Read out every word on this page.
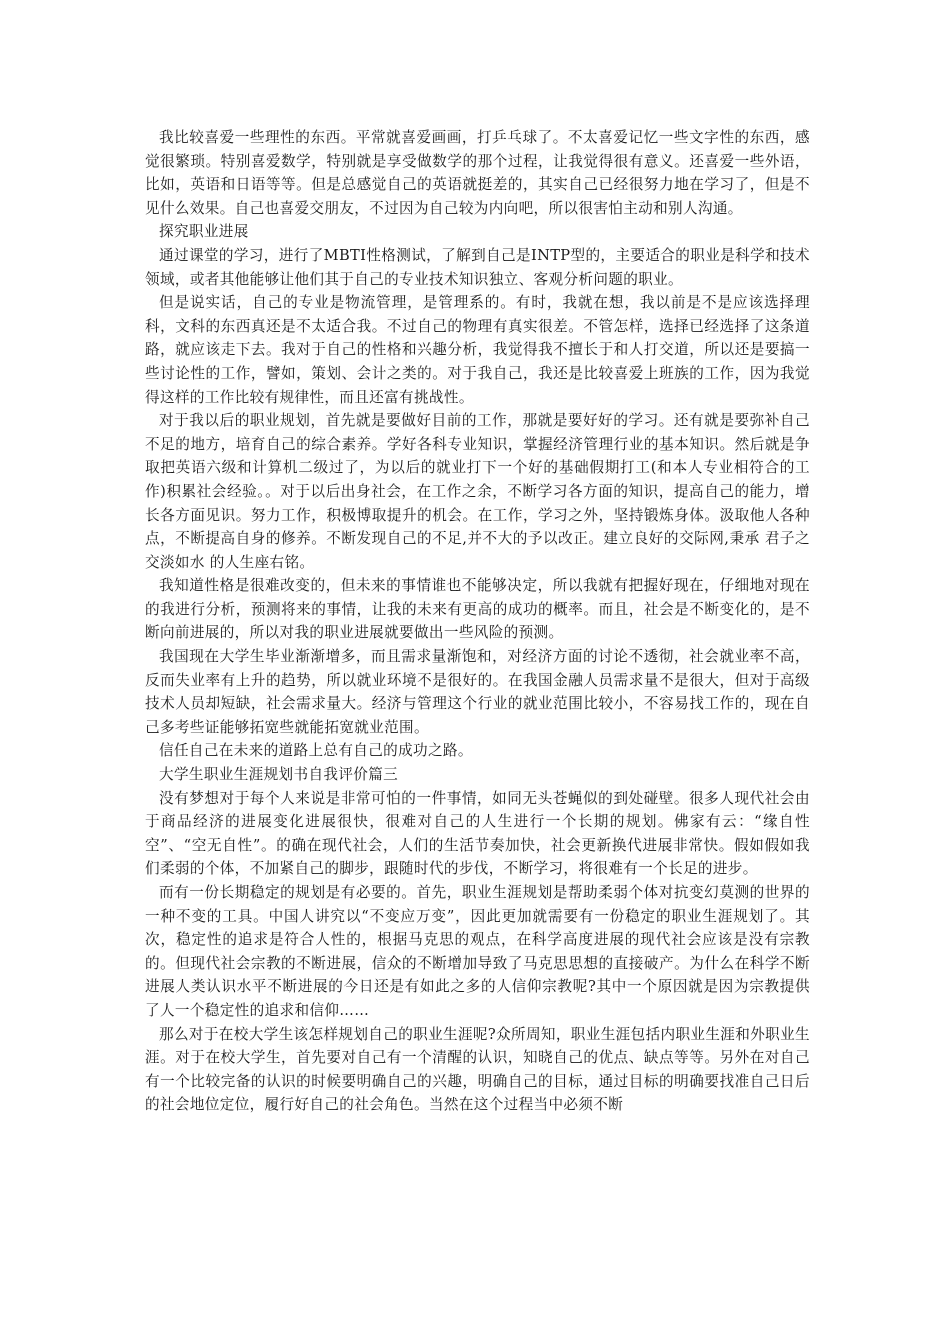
我比较喜爱一些理性的东西。平常就喜爱画画，打乒乓球了。不太喜爱记忆一些文字性的东西，感觉很繁琐。特别喜爱数学，特别就是享受做数学的那个过程，让我觉得很有意义。还喜爱一些外语，比如，英语和日语等等。但是总感觉自己的英语就挺差的，其实自己已经很努力地在学习了，但是不见什么效果。自己也喜爱交朋友，不过因为自己较为内向吧，所以很害怕主动和别人沟通。

探究职业进展

通过课堂的学习，进行了MBTI性格测试，了解到自己是INTP型的，主要适合的职业是科学和技术领域，或者其他能够让他们其于自己的专业技术知识独立、客观分析问题的职业。

但是说实话，自己的专业是物流管理，是管理系的。有时，我就在想，我以前是不是应该选择理科，文科的东西真还是不太适合我。不过自己的物理有真实很差。不管怎样，选择已经选择了这条道路，就应该走下去。我对于自己的性格和兴趣分析，我觉得我不擅长于和人打交道，所以还是要搞一些讨论性的工作，譬如，策划、会计之类的。对于我自己，我还是比较喜爱上班族的工作，因为我觉得这样的工作比较有规律性，而且还富有挑战性。

对于我以后的职业规划，首先就是要做好目前的工作，那就是要好好的学习。还有就是要弥补自己不足的地方，培育自己的综合素养。学好各科专业知识，掌握经济管理行业的基本知识。然后就是争取把英语六级和计算机二级过了，为以后的就业打下一个好的基础假期打工(和本人专业相符合的工作)积累社会经验。。对于以后出身社会，在工作之余，不断学习各方面的知识，提高自己的能力，增长各方面见识。努力工作，积极博取提升的机会。在工作，学习之外，坚持锻炼身体。汲取他人各种点，不断提高自身的修养。不断发现自己的不足,并不大的予以改正。建立良好的交际网,秉承 君子之交淡如水 的人生座右铭。

我知道性格是很难改变的，但未来的事情谁也不能够决定，所以我就有把握好现在，仔细地对现在的我进行分析，预测将来的事情，让我的未来有更高的成功的概率。而且，社会是不断变化的，是不断向前进展的，所以对我的职业进展就要做出一些风险的预测。

我国现在大学生毕业渐渐增多，而且需求量渐饱和，对经济方面的讨论不透彻，社会就业率不高，反而失业率有上升的趋势，所以就业环境不是很好的。在我国金融人员需求量不是很大，但对于高级技术人员却短缺，社会需求量大。经济与管理这个行业的就业范围比较小，不容易找工作的，现在自己多考些证能够拓宽些就能拓宽就业范围。

信任自己在未来的道路上总有自己的成功之路。

大学生职业生涯规划书自我评价篇三

没有梦想对于每个人来说是非常可怕的一件事情，如同无头苍蝇似的到处碰壁。很多人现代社会由于商品经济的进展变化进展很快，很难对自己的人生进行一个长期的规划。佛家有云：“缘自性空”、“空无自性”。的确在现代社会，人们的生活节奏加快，社会更新换代进展非常快。假如假如我们柔弱的个体，不加紧自己的脚步，跟随时代的步伐，不断学习，将很难有一个长足的进步。

而有一份长期稳定的规划是有必要的。首先，职业生涯规划是帮助柔弱个体对抗变幻莫测的世界的一种不变的工具。中国人讲究以“不变应万变”，因此更加就需要有一份稳定的职业生涯规划了。其次，稳定性的追求是符合人性的，根据马克思的观点，在科学高度进展的现代社会应该是没有宗教的。但现代社会宗教的不断进展，信众的不断增加导致了马克思思想的直接破产。为什么在科学不断进展人类认识水平不断进展的今日还是有如此之多的人信仰宗教呢?其中一个原因就是因为宗教提供了人一个稳定性的追求和信仰……

那么对于在校大学生该怎样规划自己的职业生涯呢?众所周知，职业生涯包括内职业生涯和外职业生涯。对于在校大学生，首先要对自己有一个清醒的认识，知晓自己的优点、缺点等等。另外在对自己有一个比较完备的认识的时候要明确自己的兴趣，明确自己的目标，通过目标的明确要找准自己日后的社会地位定位，履行好自己的社会角色。当然在这个过程当中必须不断
